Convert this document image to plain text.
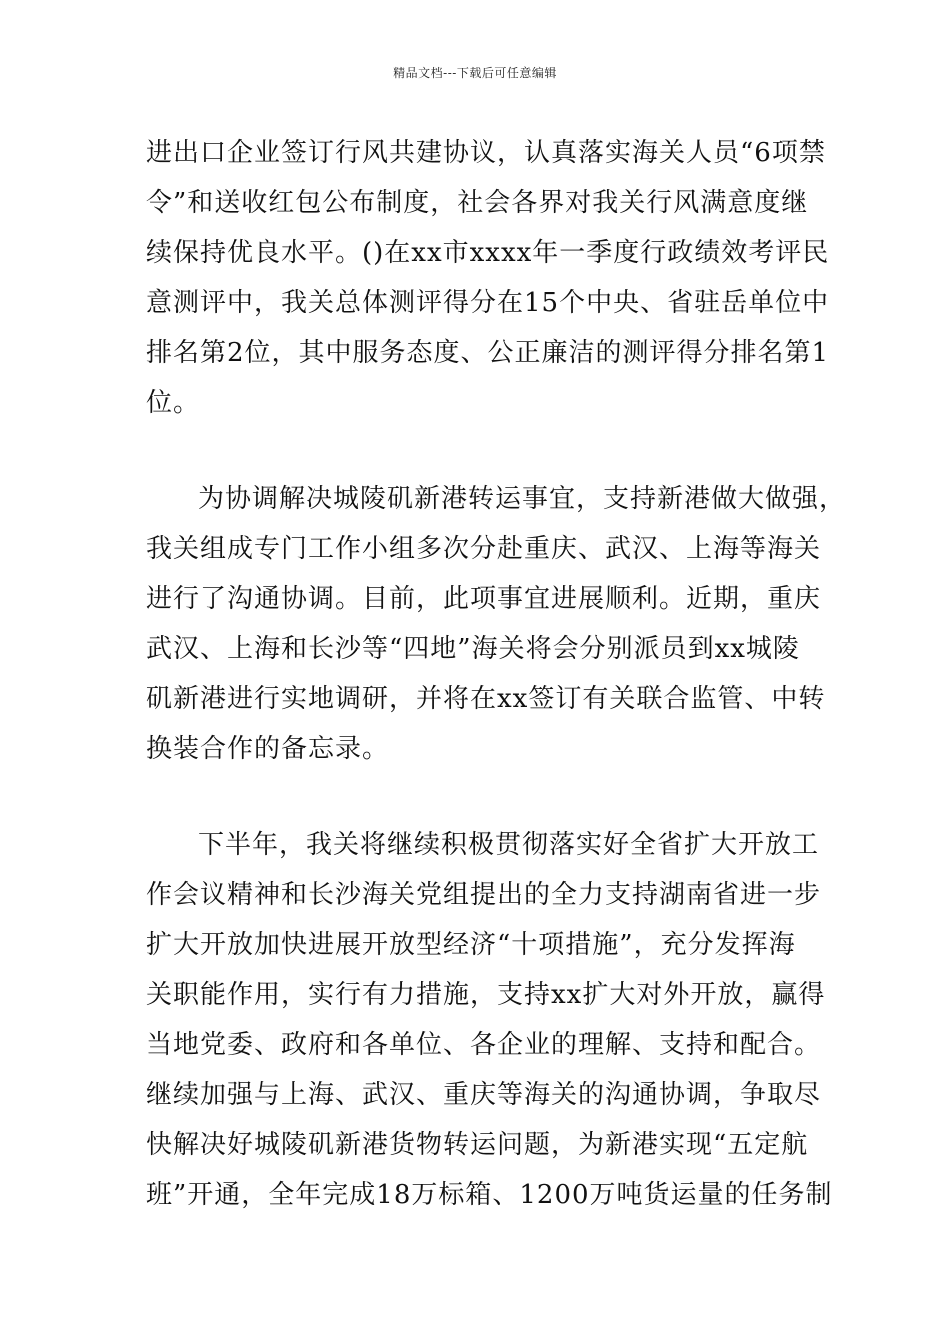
精品文档---下载后可任意编辑
进出口企业签订行风共建协议，认真落实海关人员“6项禁
令”和送收红包公布制度，社会各界对我关行风满意度继
续保持优良水平。()在xx市xxxx年一季度行政绩效考评民
意测评中，我关总体测评得分在15个中央、省驻岳单位中
排名第2位，其中服务态度、公正廉洁的测评得分排名第1
位。
为协调解决城陵矶新港转运事宜，支持新港做大做强，
我关组成专门工作小组多次分赴重庆、武汉、上海等海关
进行了沟通协调。目前，此项事宜进展顺利。近期，重庆
武汉、上海和长沙等“四地”海关将会分别派员到xx城陵
矶新港进行实地调研，并将在xx签订有关联合监管、中转
换装合作的备忘录。
下半年，我关将继续积极贯彻落实好全省扩大开放工
作会议精神和长沙海关党组提出的全力支持湖南省进一步
扩大开放加快进展开放型经济“十项措施”，充分发挥海
关职能作用，实行有力措施，支持xx扩大对外开放，赢得
当地党委、政府和各单位、各企业的理解、支持和配合。
继续加强与上海、武汉、重庆等海关的沟通协调，争取尽
快解决好城陵矶新港货物转运问题，为新港实现“五定航
班”开通，全年完成18万标箱、1200万吨货运量的任务制
